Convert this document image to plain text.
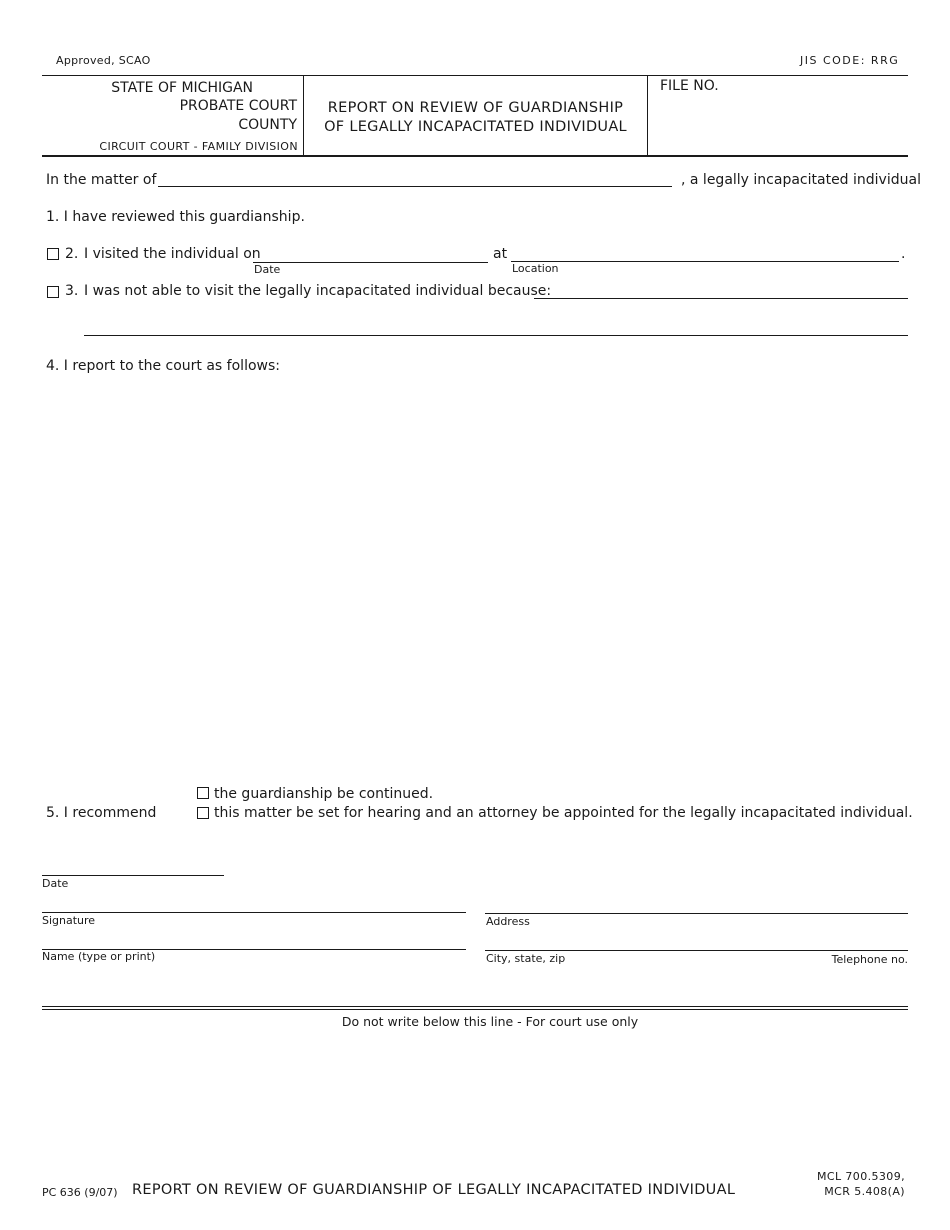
Approved, SCAO	JIS CODE: RRG
STATE OF MICHIGAN
PROBATE COURT
COUNTY
CIRCUIT COURT - FAMILY DIVISION
REPORT ON REVIEW OF GUARDIANSHIP
OF LEGALLY INCAPACITATED INDIVIDUAL
FILE NO.
In the matter of	, a legally incapacitated individual
1. I have reviewed this guardianship.
2. I visited the individual on
Date
at
Location
.
3. I was not able to visit the legally incapacitated individual because:
4. I report to the court as follows:
the guardianship be continued.
5. I recommend	this matter be set for hearing and an attorney be appointed for the legally incapacitated individual.
Date
Signature
Name (type or print)
Address
City, state, zip	Telephone no.
Do not write below this line - For court use only
PC 636 (9/07) REPORT ON REVIEW OF GUARDIANSHIP OF LEGALLY INCAPACITATED INDIVIDUAL
MCL 700.5309,
MCR 5.408(A)
